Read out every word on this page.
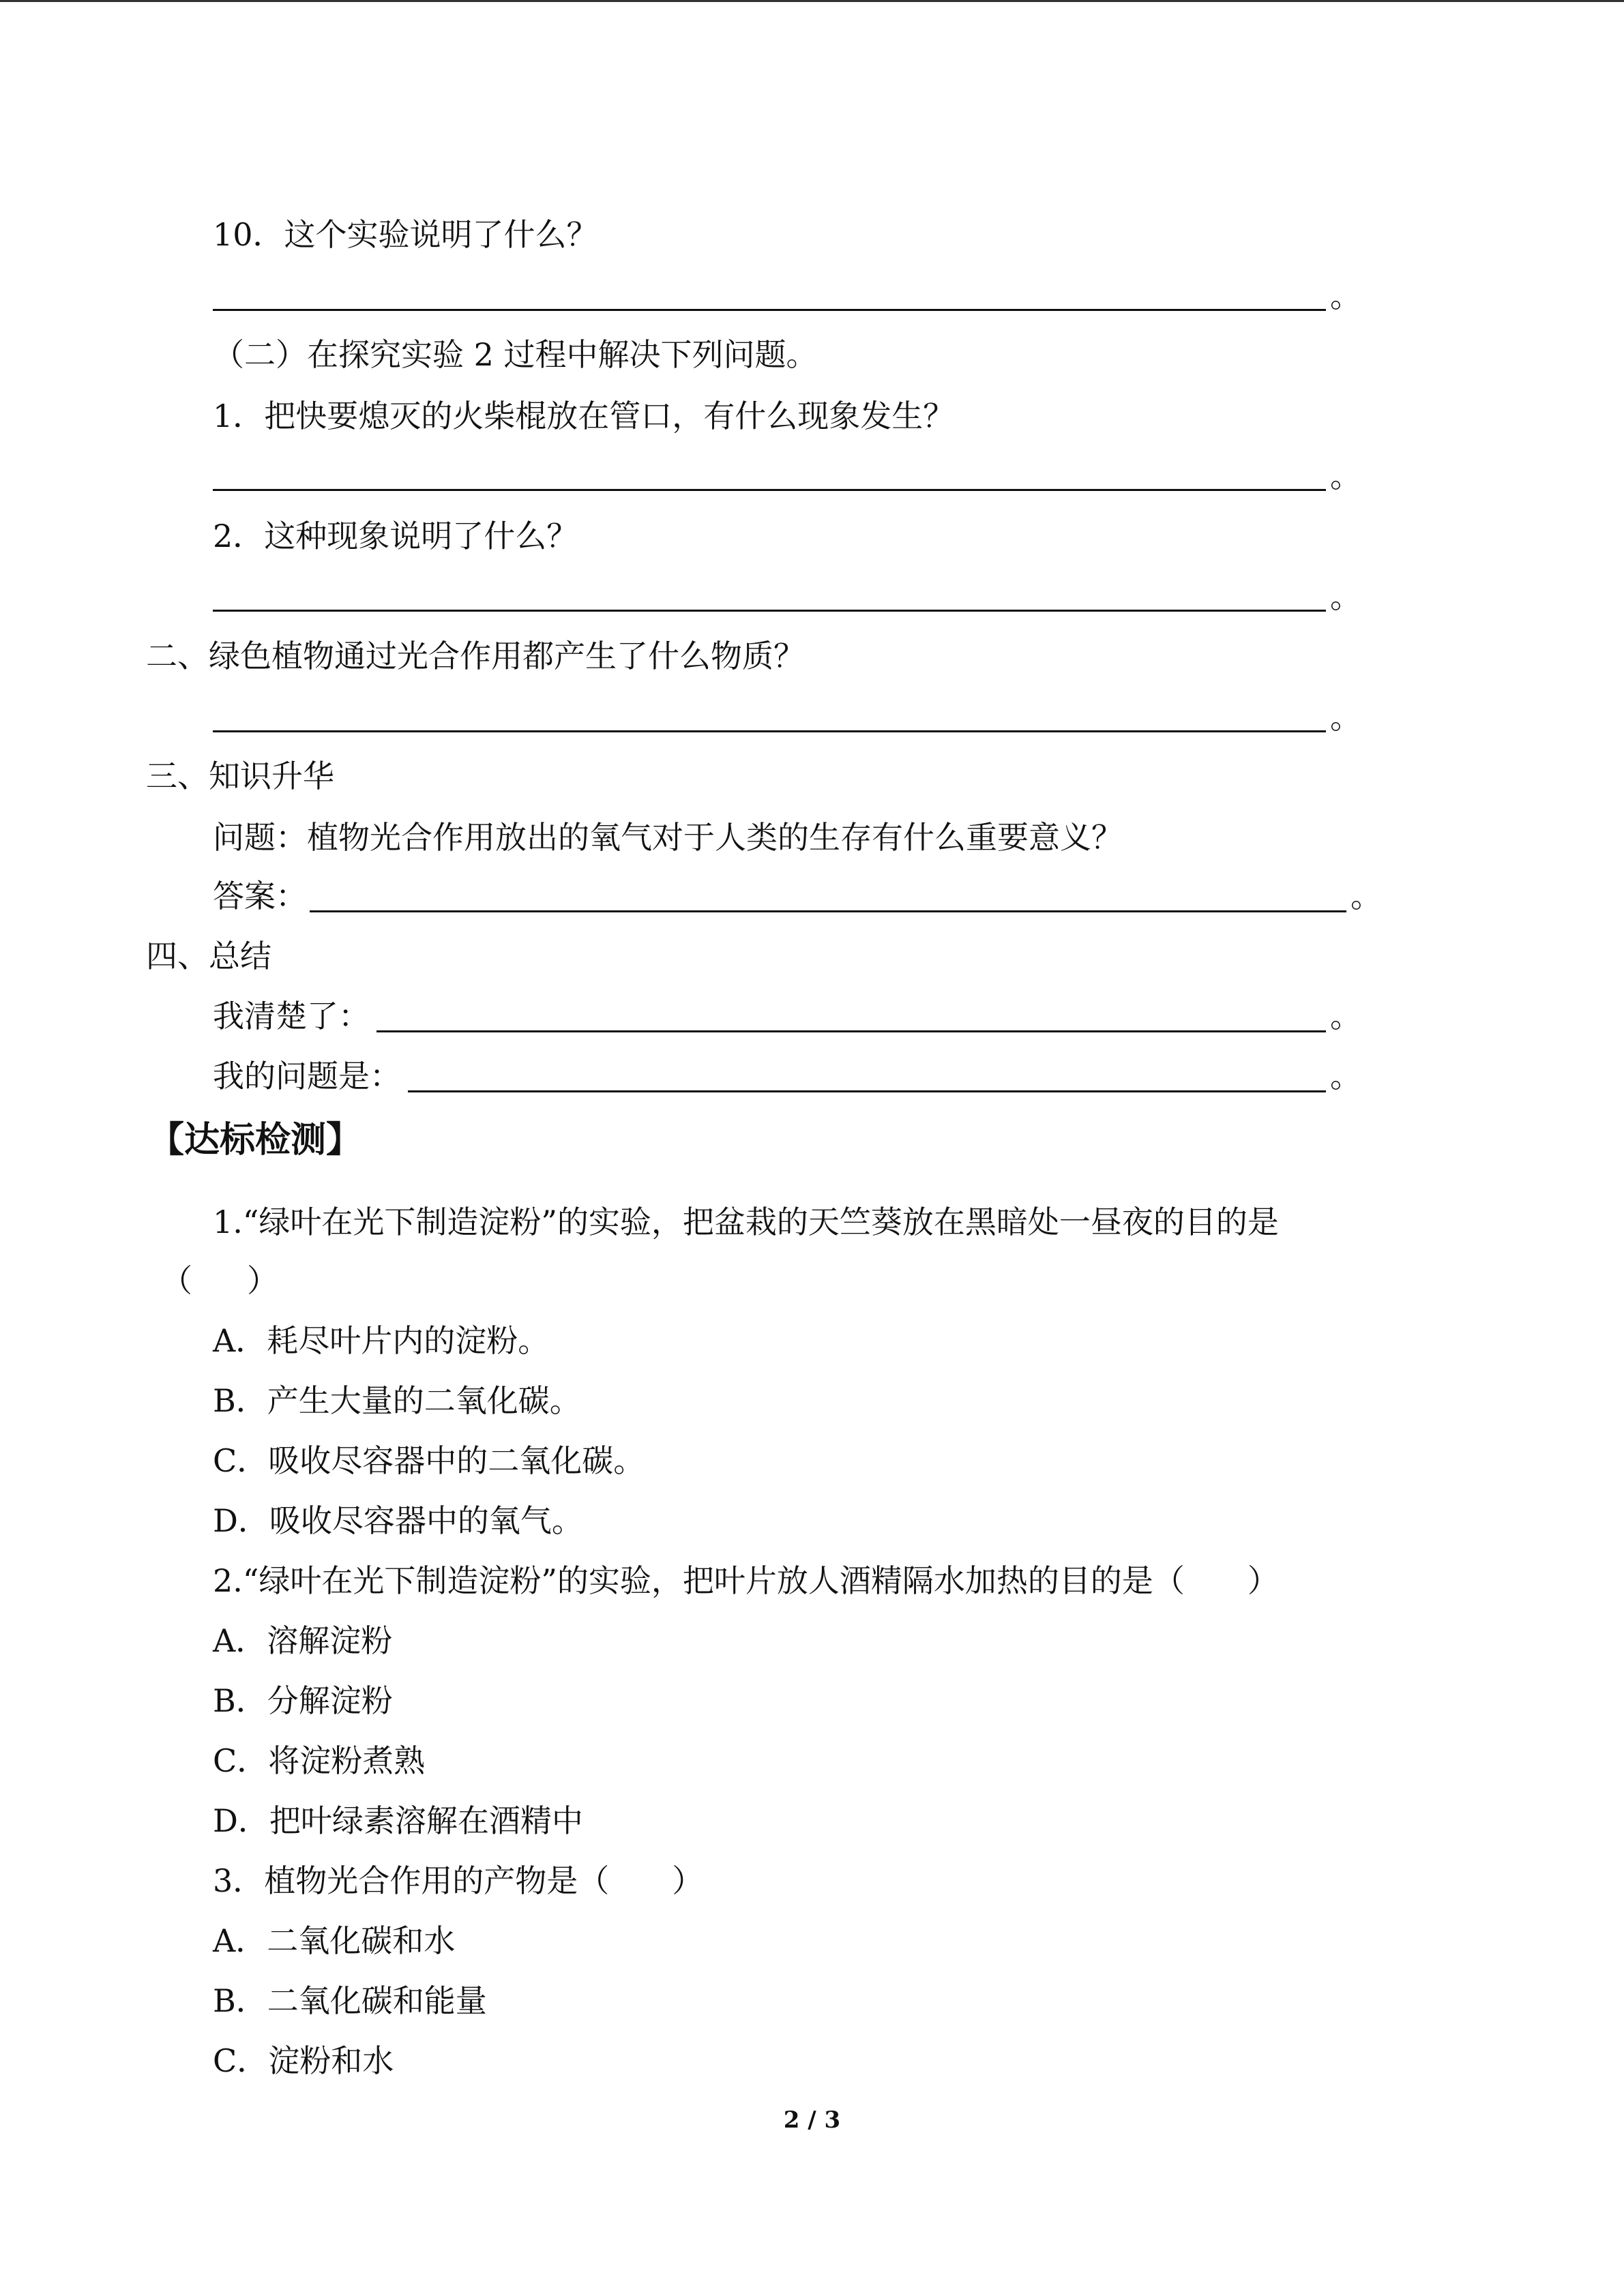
10．这个实验说明了什么？
。
（二）在探究实验 2 过程中解决下列问题。
1．把快要熄灭的火柴棍放在管口，有什么现象发生？
。
2．这种现象说明了什么？
。
二、绿色植物通过光合作用都产生了什么物质？
。
三、知识升华
问题：植物光合作用放出的氧气对于人类的生存有什么重要意义？
答案：	。
四、总结
我清楚了：	。
我的问题是：	。
【达标检测】
1.“绿叶在光下制造淀粉”的实验，把盆栽的天竺葵放在黑暗处一昼夜的目的是
（ ）
A．耗尽叶片内的淀粉。
B．产生大量的二氧化碳。
C．吸收尽容器中的二氧化碳。
D．吸收尽容器中的氧气。
2.“绿叶在光下制造淀粉”的实验，把叶片放人酒精隔水加热的目的是（　　）
A．溶解淀粉
B．分解淀粉
C．将淀粉煮熟
D．把叶绿素溶解在酒精中
3．植物光合作用的产物是（　　）
A．二氧化碳和水
B．二氧化碳和能量
C．淀粉和水
2 / 3
